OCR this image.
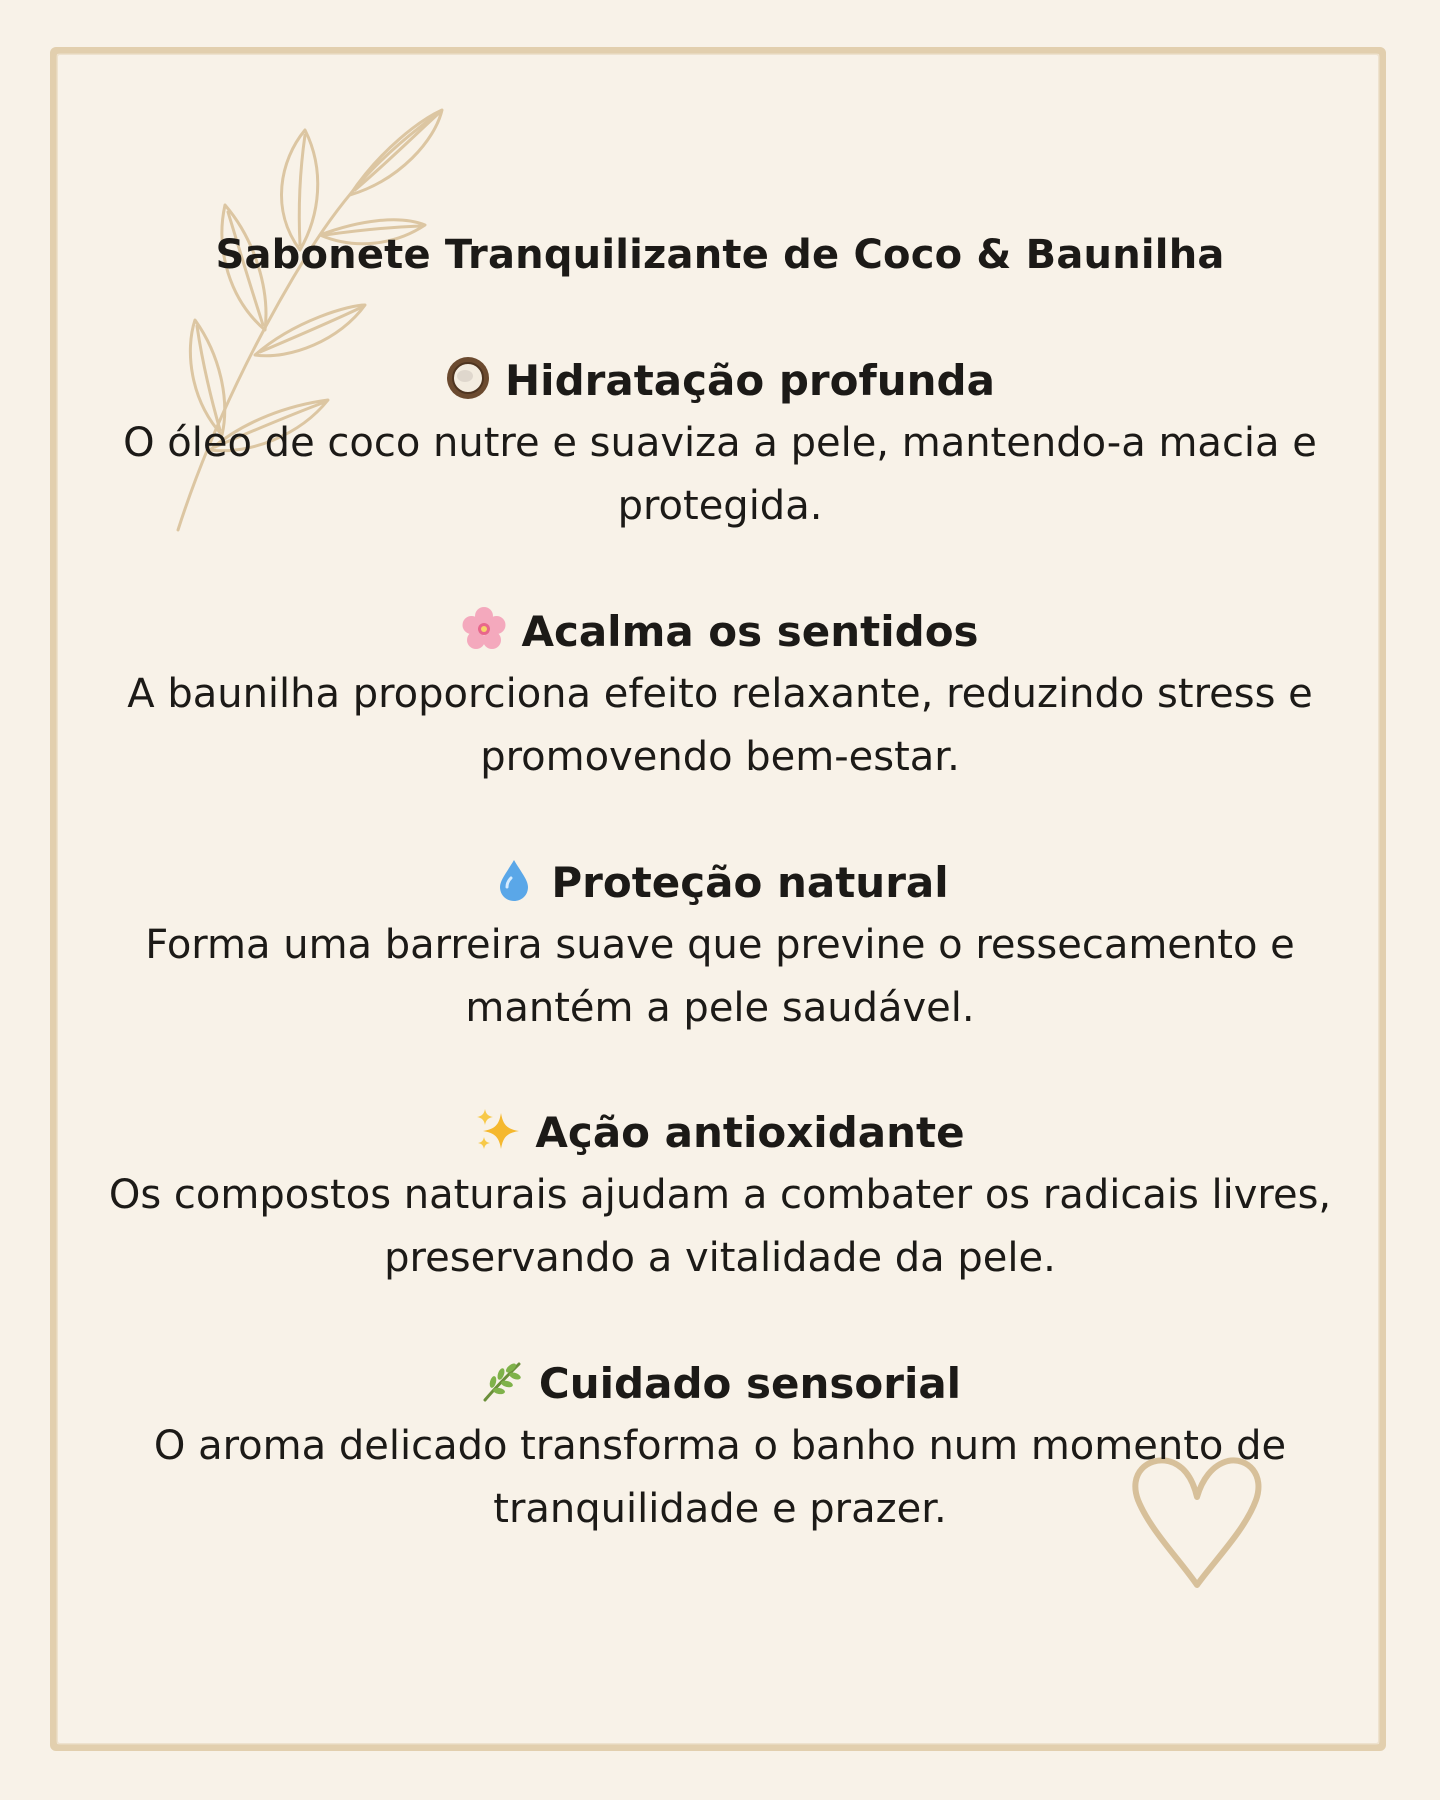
Sabonete Tranquilizante de Coco & Baunilha
Hidratação profunda
O óleo de coco nutre e suaviza a pele, mantendo-a macia e protegida.
Acalma os sentidos
A baunilha proporciona efeito relaxante, reduzindo stress e promovendo bem-estar.
Proteção natural
Forma uma barreira suave que previne o ressecamento e mantém a pele saudável.
Ação antioxidante
Os compostos naturais ajudam a combater os radicais livres, preservando a vitalidade da pele.
Cuidado sensorial
O aroma delicado transforma o banho num momento de tranquilidade e prazer.
